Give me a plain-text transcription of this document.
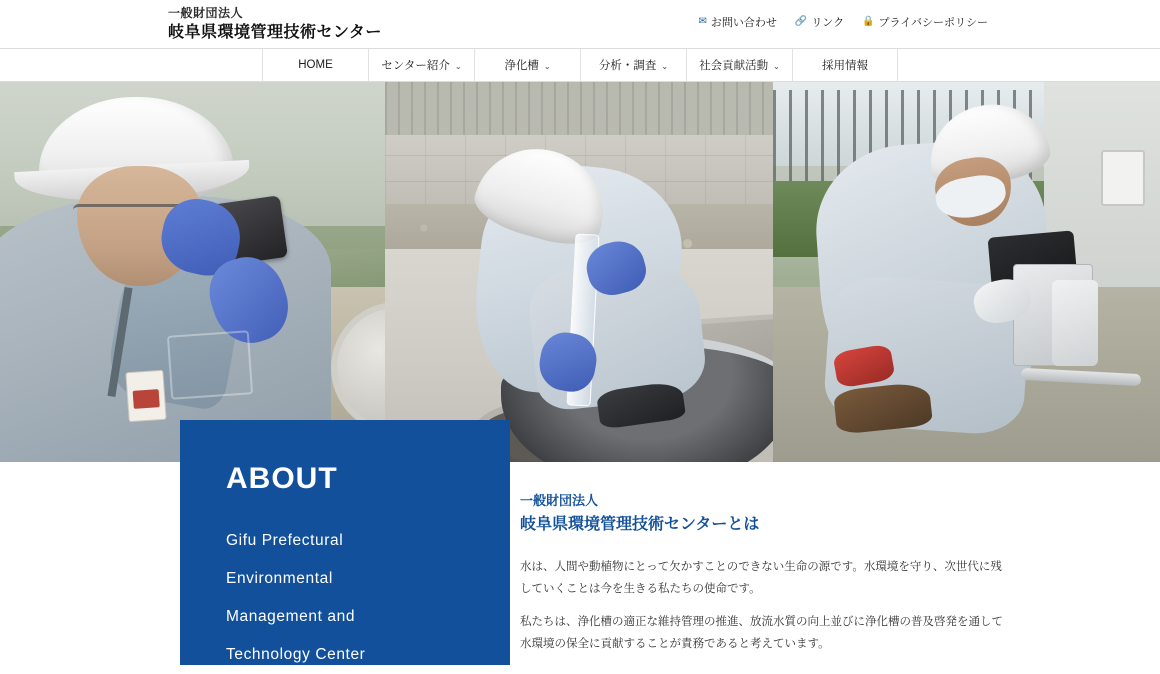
一般財団法人
岐阜県環境管理技術センター
✉ お問い合わせ 🔗 リンク 🔒 プライバシーポリシー
HOME	センター紹介 ⌄	浄化槽 ⌄	分析・調査 ⌄	社会貢献活動 ⌄	採用情報
ABOUT
Gifu Prefectural
Environmental
Management and
Technology Center
一般財団法人
岐阜県環境管理技術センターとは

水は、人間や動植物にとって欠かすことのできない生命の源です。水環境を守り、次世代に残していくことは今を生きる私たちの使命です。

私たちは、浄化槽の適正な維持管理の推進、放流水質の向上並びに浄化槽の普及啓発を通して水環境の保全に貢献することが責務であると考えています。
